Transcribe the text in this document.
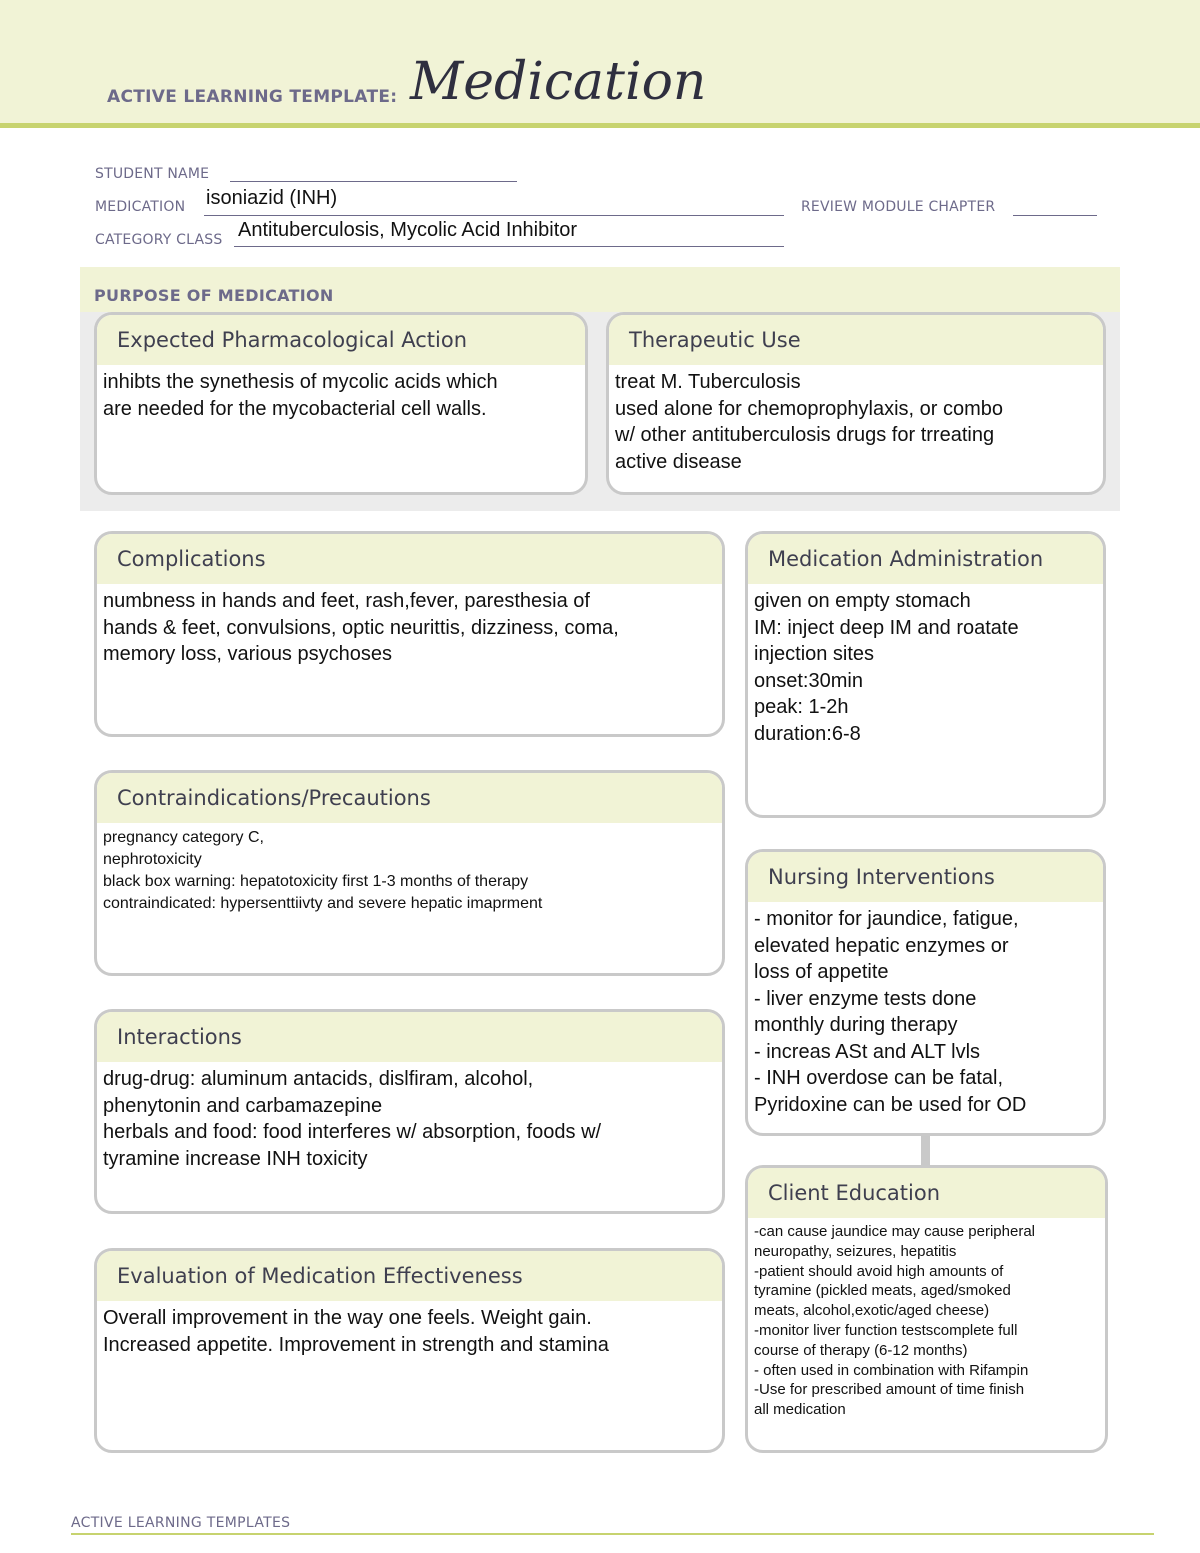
ACTIVE LEARNING TEMPLATE: Medication
STUDENT NAME
MEDICATION isoniazid (INH)	REVIEW MODULE CHAPTER
CATEGORY CLASS Antituberculosis, Mycolic Acid Inhibitor
PURPOSE OF MEDICATION
Expected Pharmacological Action
inhibts the synethesis of mycolic acids which
are needed for the mycobacterial cell walls.
Therapeutic Use
treat M. Tuberculosis
used alone for chemoprophylaxis, or combo
w/ other antituberculosis drugs for trreating
active disease
Complications
numbness in hands and feet, rash,fever, paresthesia of
hands & feet, convulsions, optic neurittis, dizziness, coma,
memory loss, various psychoses
Contraindications/Precautions
pregnancy category C,
nephrotoxicity
black box warning: hepatotoxicity first 1-3 months of therapy
contraindicated: hypersenttiivty and severe hepatic imaprment
Interactions
drug-drug: aluminum antacids, dislfiram, alcohol,
phenytonin and carbamazepine
herbals and food: food interferes w/ absorption, foods w/
tyramine increase INH toxicity
Evaluation of Medication Effectiveness
Overall improvement in the way one feels. Weight gain.
Increased appetite. Improvement in strength and stamina
Medication Administration
given on empty stomach
IM: inject deep IM and roatate
injection sites
onset:30min
peak: 1-2h
duration:6-8
Nursing Interventions
- monitor for jaundice, fatigue,
elevated hepatic enzymes or
loss of appetite
- liver enzyme tests done
monthly during therapy
- increas ASt and ALT lvls
- INH overdose can be fatal,
Pyridoxine can be used for OD
Client Education
-can cause jaundice may cause peripheral
neuropathy, seizures, hepatitis
-patient should avoid high amounts of
tyramine (pickled meats, aged/smoked
meats, alcohol,exotic/aged cheese)
-monitor liver function testscomplete full
course of therapy (6-12 months)
- often used in combination with Rifampin
-Use for prescribed amount of time finish
all medication
ACTIVE LEARNING TEMPLATES
